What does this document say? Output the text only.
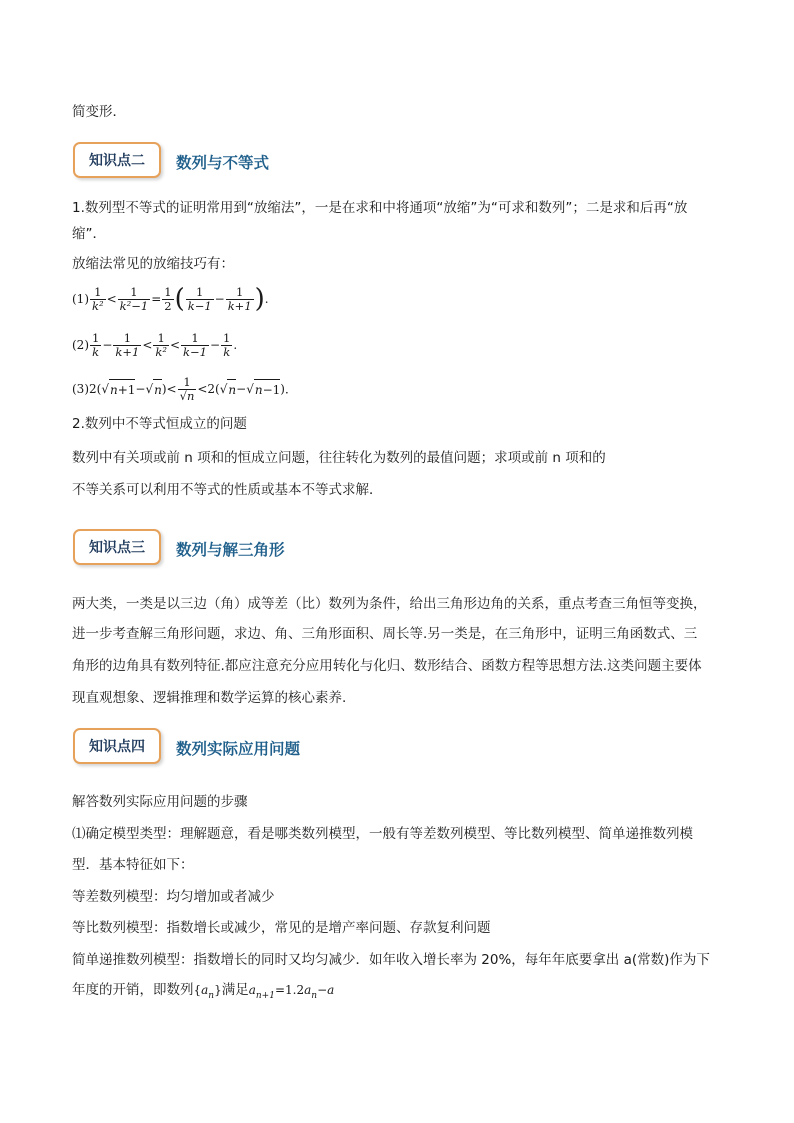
简变形．
知识点二	数列与不等式
1.数列型不等式的证明常用到“放缩法”，一是在求和中将通项“放缩”为“可求和数列”；二是求和后再“放
缩”．
放缩法常见的放缩技巧有：
$(1) \frac{1}{\text{k²}} < \frac{1}{\text{k²−1}} = \frac{1}{2}$ ( $\frac{1}{k-1} - \frac{1}{k+1}$ ) .
$(2) \frac{1}{k} - \frac{1}{k+1} < \frac{1}{\text{k²}} < \frac{1}{k-1} - \frac{1}{k}$ .
(3) 2( √ n+1 − √ n )< $\frac{1}{√n} <2$( √ n − √ n−1 )．
2.数列中不等式恒成立的问题
数列中有关项或前 n 项和的恒成立问题，往往转化为数列的最值问题；求项或前 n 项和的
不等关系可以利用不等式的性质或基本不等式求解．
知识点三	数列与解三角形
两大类，一类是以三边（角）成等差（比）数列为条件，给出三角形边角的关系，重点考查三角恒等变换，
进一步考查解三角形问题，求边、角、三角形面积、周长等.另一类是，在三角形中，证明三角函数式、三
角形的边角具有数列特征.都应注意充分应用转化与化归、数形结合、函数方程等思想方法.这类问题主要体
现直观想象、逻辑推理和数学运算的核心素养.
知识点四	数列实际应用问题
解答数列实际应用问题的步骤
⑴确定模型类型：理解题意，看是哪类数列模型，一般有等差数列模型、等比数列模型、简单递推数列模
型．基本特征如下：
等差数列模型：均匀增加或者减少
等比数列模型：指数增长或减少，常见的是增产率问题、存款复利问题
简单递推数列模型：指数增长的同时又均匀减少．如年收入增长率为 20%，每年年底要拿出 a(常数)作为下
年度的开销，即数列$\{a_n\}$满足$a_{n+1}=1.2a_n-a$
